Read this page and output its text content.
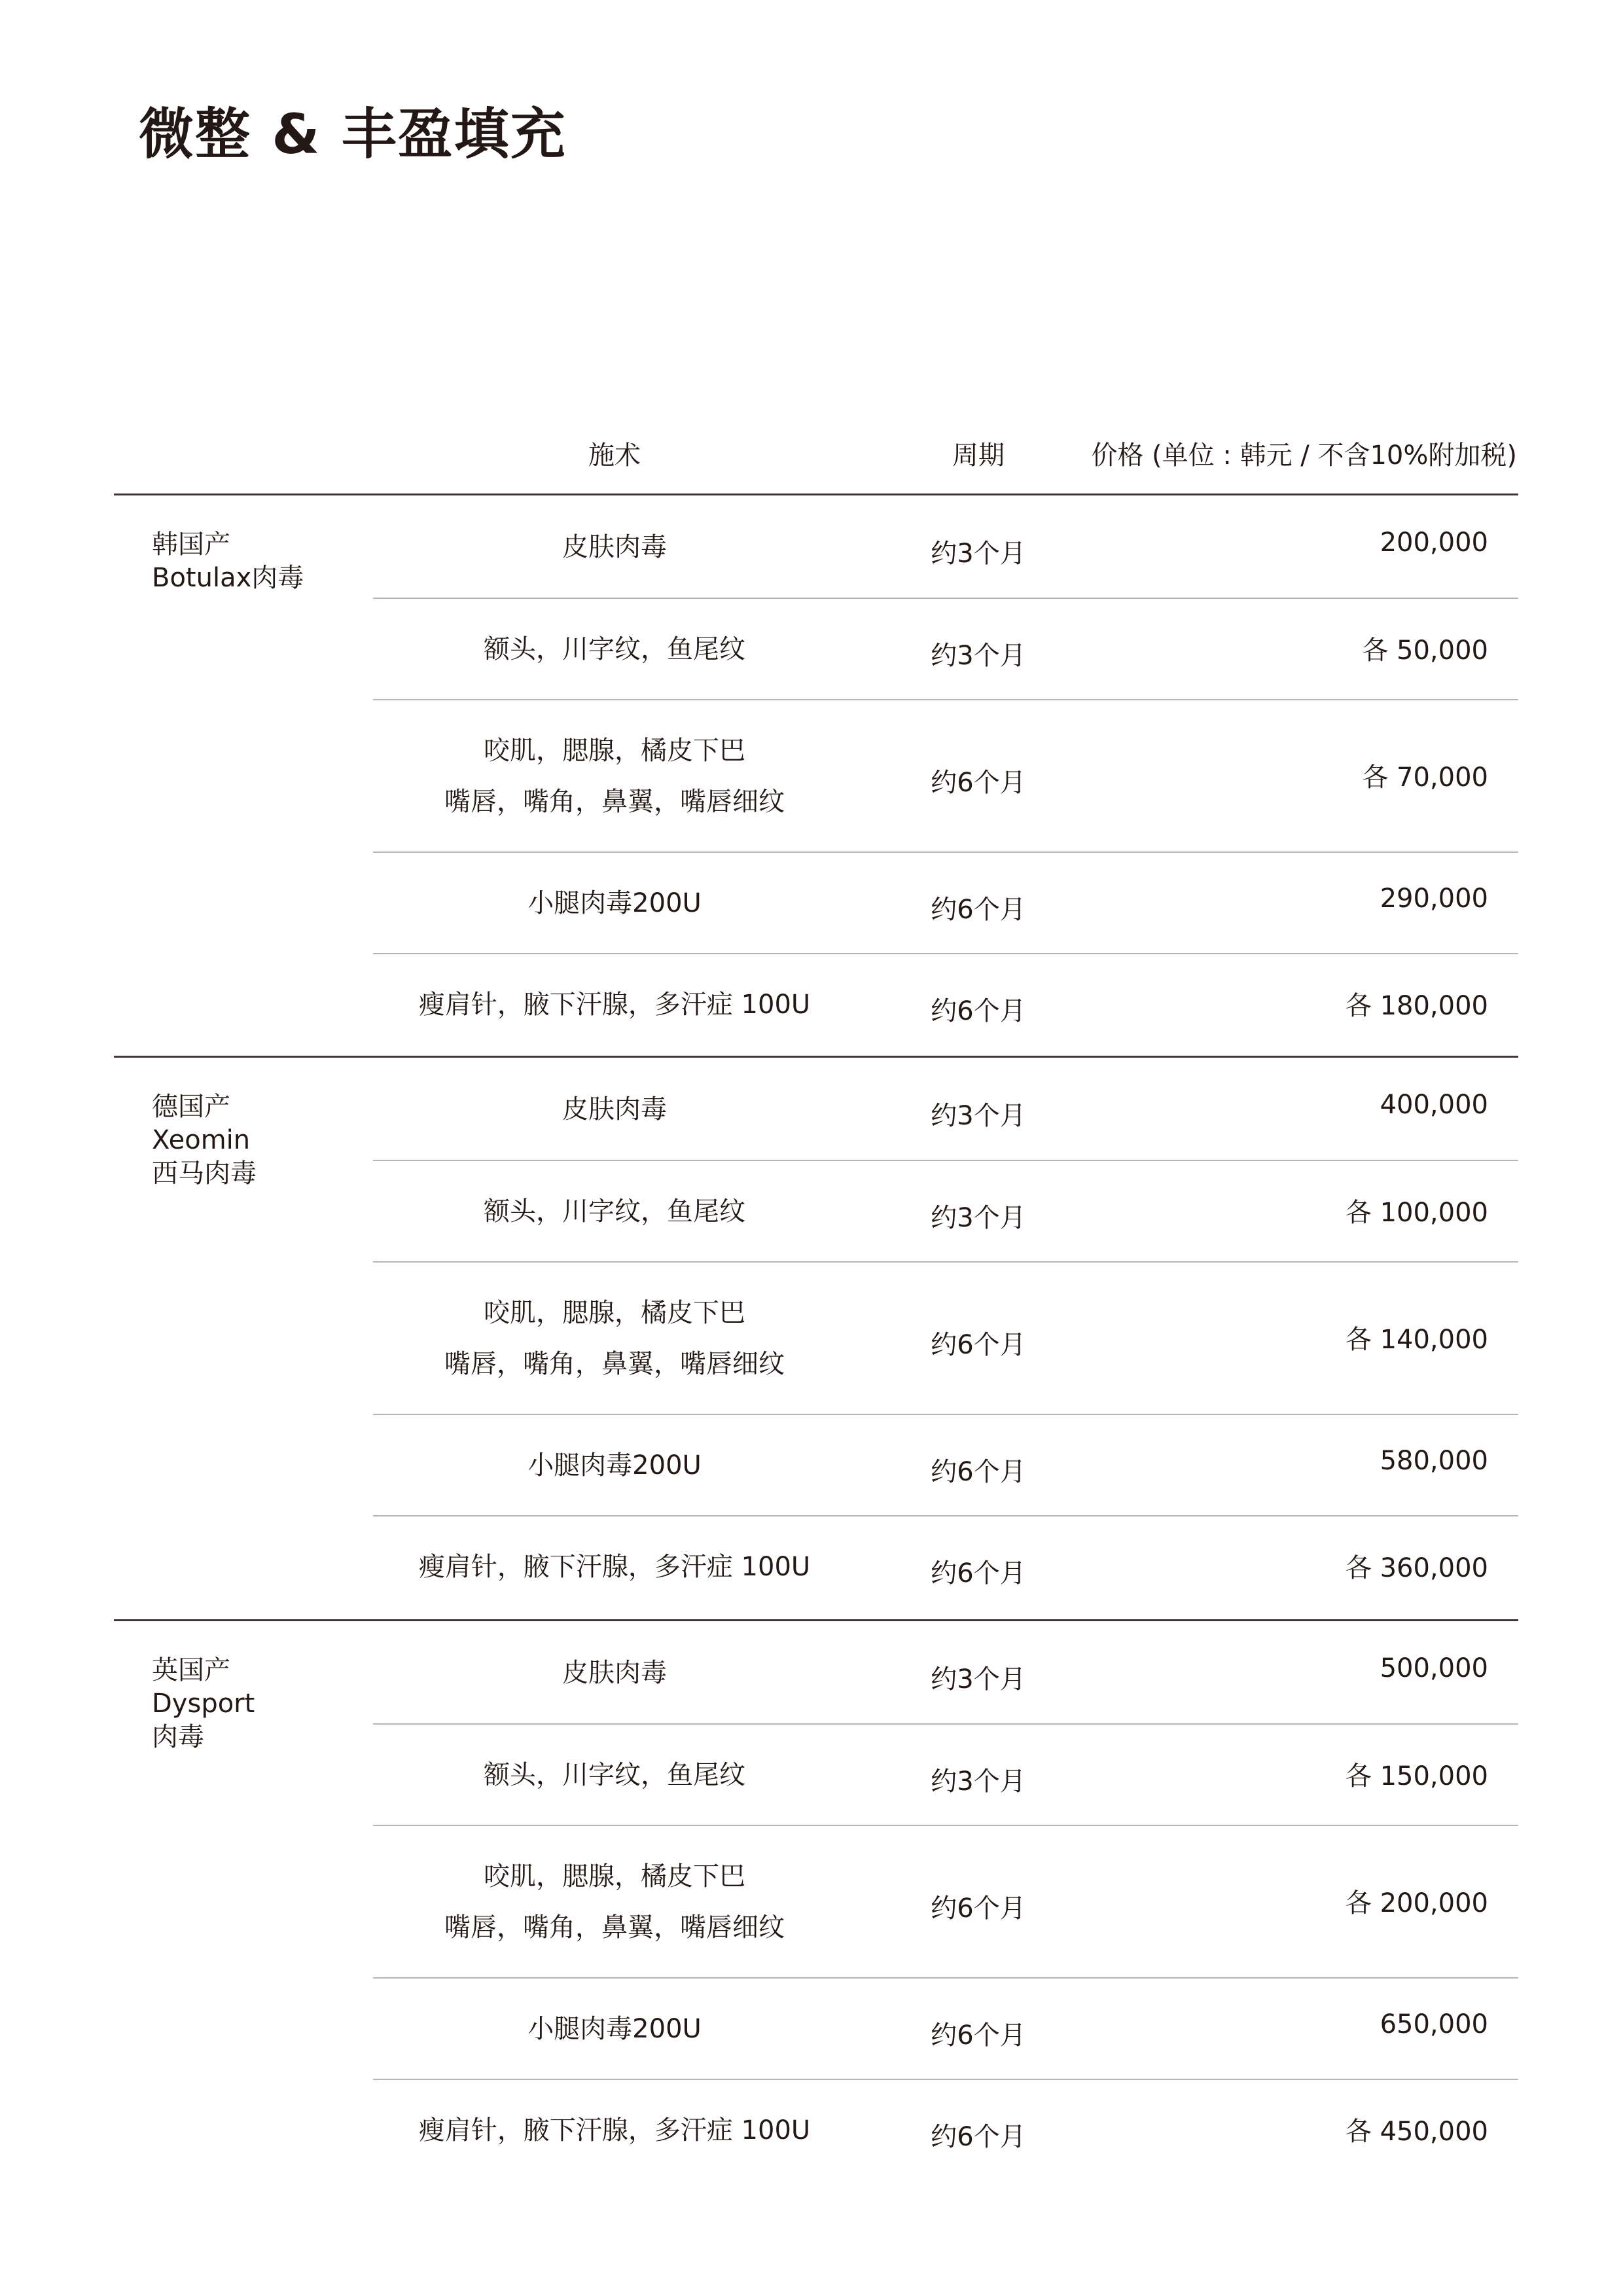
微整 & 丰盈填充
施术	周期	价格 (单位 : 韩元 / 不含10%附加税)
韩国产
Botulax肉毒
皮肤肉毒	约3个月	200,000
额头，川字纹，鱼尾纹	约3个月	各 50,000
咬肌，腮腺，橘皮下巴
嘴唇，嘴角，鼻翼，嘴唇细纹
约6个月	各 70,000
小腿肉毒200U	约6个月	290,000
瘦肩针，腋下汗腺，多汗症 100U	约6个月	各 180,000
德国产
Xeomin
西马肉毒
皮肤肉毒	约3个月	400,000
额头，川字纹，鱼尾纹	约3个月	各 100,000
咬肌，腮腺，橘皮下巴
嘴唇，嘴角，鼻翼，嘴唇细纹
约6个月	各 140,000
小腿肉毒200U	约6个月	580,000
瘦肩针，腋下汗腺，多汗症 100U	约6个月	各 360,000
英国产
Dysport
肉毒
皮肤肉毒	约3个月	500,000
额头，川字纹，鱼尾纹	约3个月	各 150,000
咬肌，腮腺，橘皮下巴
嘴唇，嘴角，鼻翼，嘴唇细纹
约6个月	各 200,000
小腿肉毒200U	约6个月	650,000
瘦肩针，腋下汗腺，多汗症 100U	约6个月	各 450,000
